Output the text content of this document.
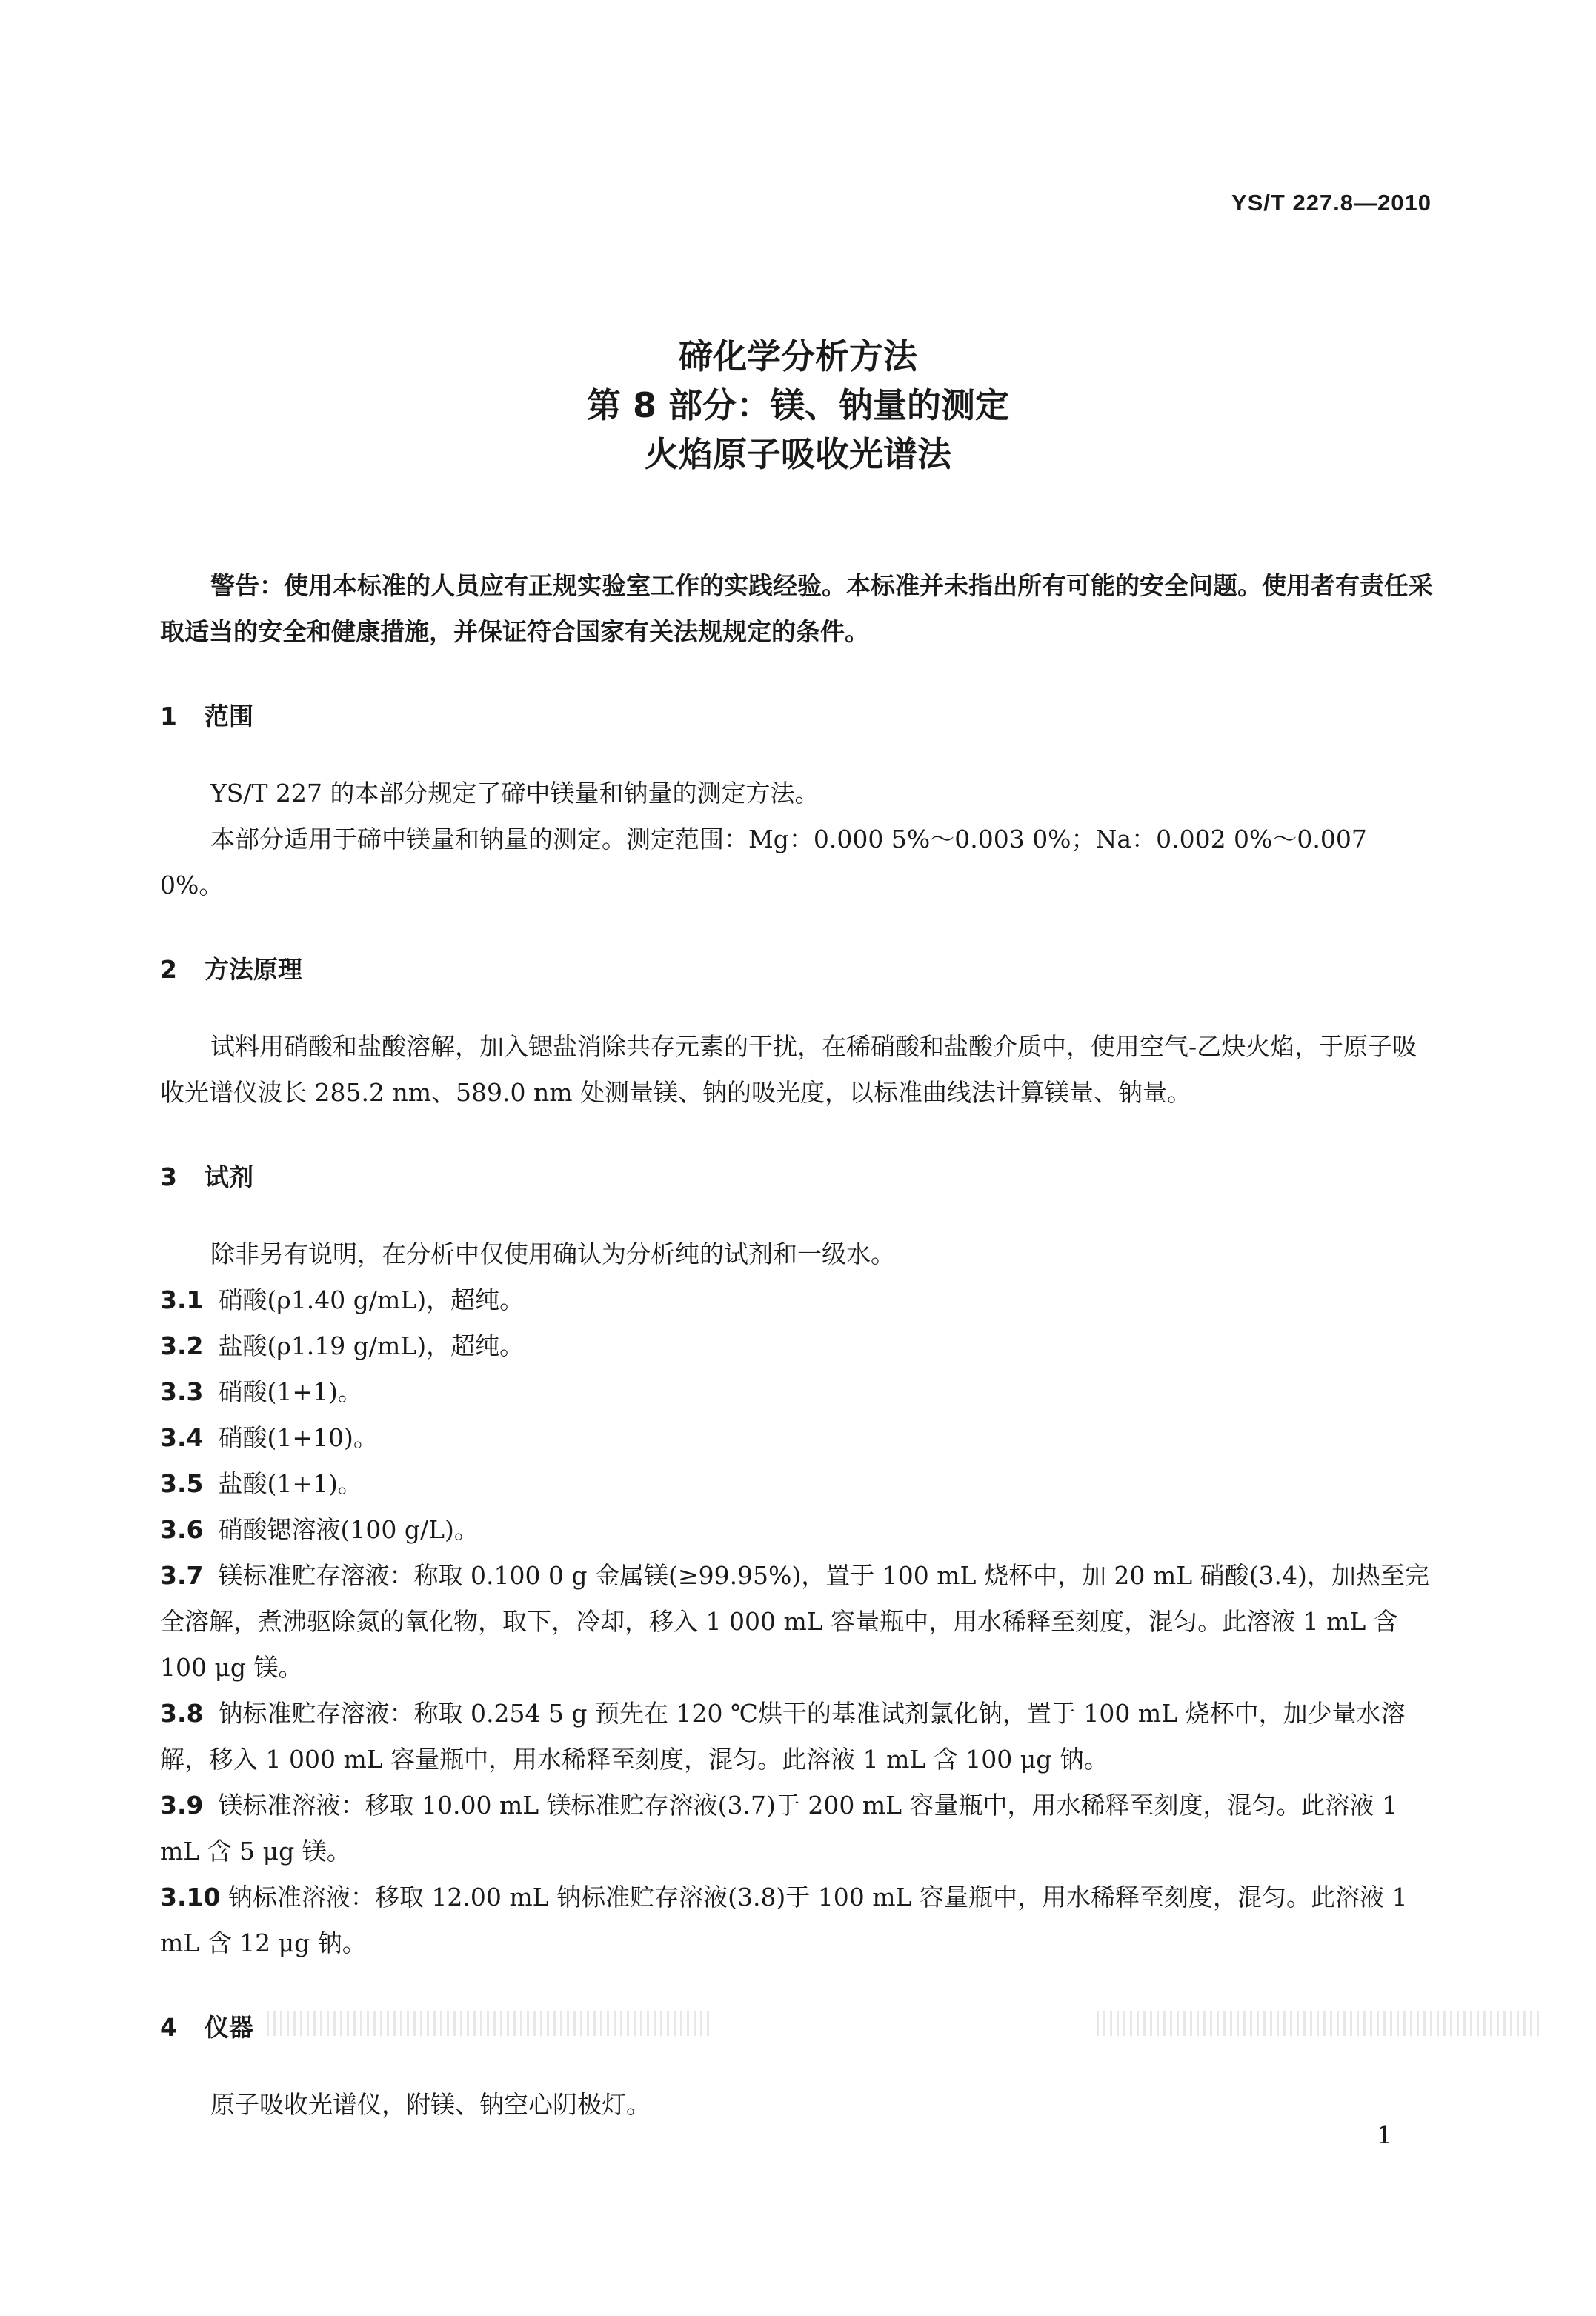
YS/T 227.8—2010
碲化学分析方法
第 8 部分：镁、钠量的测定
火焰原子吸收光谱法

警告：使用本标准的人员应有正规实验室工作的实践经验。本标准并未指出所有可能的安全问题。使用者有责任采取适当的安全和健康措施，并保证符合国家有关法规规定的条件。

1 范围

YS/T 227 的本部分规定了碲中镁量和钠量的测定方法。

本部分适用于碲中镁量和钠量的测定。测定范围：Mg：0.000 5%～0.003 0%；Na：0.002 0%～0.007 0%。

2 方法原理

试料用硝酸和盐酸溶解，加入锶盐消除共存元素的干扰，在稀硝酸和盐酸介质中，使用空气-乙炔火焰，于原子吸收光谱仪波长 285.2 nm、589.0 nm 处测量镁、钠的吸光度，以标准曲线法计算镁量、钠量。

3 试剂

除非另有说明，在分析中仅使用确认为分析纯的试剂和一级水。

3.1 硝酸(ρ1.40 g/mL)，超纯。

3.2 盐酸(ρ1.19 g/mL)，超纯。

3.3 硝酸(1+1)。

3.4 硝酸(1+10)。

3.5 盐酸(1+1)。

3.6 硝酸锶溶液(100 g/L)。

3.7 镁标准贮存溶液：称取 0.100 0 g 金属镁(≥99.95%)，置于 100 mL 烧杯中，加 20 mL 硝酸(3.4)，加热至完全溶解，煮沸驱除氮的氧化物，取下，冷却，移入 1 000 mL 容量瓶中，用水稀释至刻度，混匀。此溶液 1 mL 含 100 μg 镁。

3.8 钠标准贮存溶液：称取 0.254 5 g 预先在 120 ℃烘干的基准试剂氯化钠，置于 100 mL 烧杯中，加少量水溶解，移入 1 000 mL 容量瓶中，用水稀释至刻度，混匀。此溶液 1 mL 含 100 μg 钠。

3.9 镁标准溶液：移取 10.00 mL 镁标准贮存溶液(3.7)于 200 mL 容量瓶中，用水稀释至刻度，混匀。此溶液 1 mL 含 5 μg 镁。

3.10 钠标准溶液：移取 12.00 mL 钠标准贮存溶液(3.8)于 100 mL 容量瓶中，用水稀释至刻度，混匀。此溶液 1 mL 含 12 μg 钠。

4 仪器

原子吸收光谱仪，附镁、钠空心阴极灯。

1
